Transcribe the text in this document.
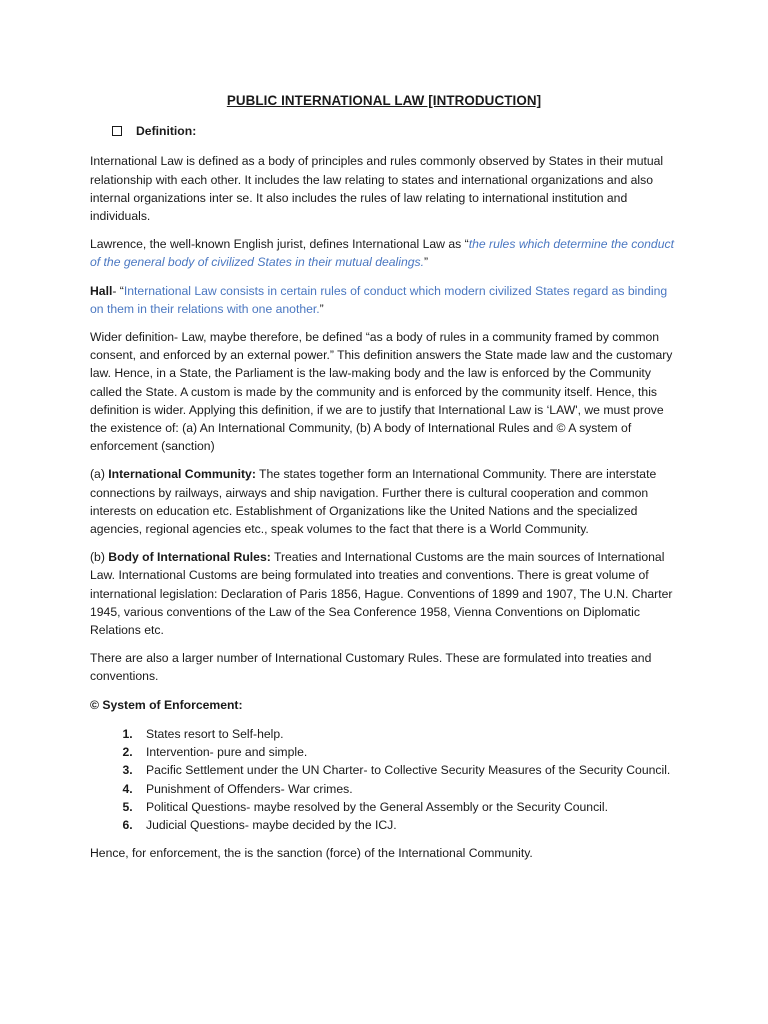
PUBLIC INTERNATIONAL LAW [INTRODUCTION]
Definition:

International Law is defined as a body of principles and rules commonly observed by States in their mutual relationship with each other. It includes the law relating to states and international organizations and also internal organizations inter se. It also includes the rules of law relating to international institution and individuals.

Lawrence, the well-known English jurist, defines International Law as “the rules which determine the conduct of the general body of civilized States in their mutual dealings.”

Hall- “International Law consists in certain rules of conduct which modern civilized States regard as binding on them in their relations with one another.”

Wider definition- Law, maybe therefore, be defined “as a body of rules in a community framed by common consent, and enforced by an external power.” This definition answers the State made law and the customary law. Hence, in a State, the Parliament is the law-making body and the law is enforced by the Community called the State. A custom is made by the community and is enforced by the community itself. Hence, this definition is wider. Applying this definition, if we are to justify that International Law is ‘LAW', we must prove the existence of: (a) An International Community, (b) A body of International Rules and © A system of enforcement (sanction)

(a) International Community: The states together form an International Community. There are interstate connections by railways, airways and ship navigation. Further there is cultural cooperation and common interests on education etc. Establishment of Organizations like the United Nations and the specialized agencies, regional agencies etc., speak volumes to the fact that there is a World Community.

(b) Body of International Rules: Treaties and International Customs are the main sources of International Law. International Customs are being formulated into treaties and conventions. There is great volume of international legislation: Declaration of Paris 1856, Hague. Conventions of 1899 and 1907, The U.N. Charter 1945, various conventions of the Law of the Sea Conference 1958, Vienna Conventions on Diplomatic Relations etc.

There are also a larger number of International Customary Rules. These are formulated into treaties and conventions.

© System of Enforcement:
1. States resort to Self-help.
2. Intervention- pure and simple.
3. Pacific Settlement under the UN Charter- to Collective Security Measures of the Security Council.
4. Punishment of Offenders- War crimes.
5. Political Questions- maybe resolved by the General Assembly or the Security Council.
6. Judicial Questions- maybe decided by the ICJ.

Hence, for enforcement, the is the sanction (force) of the International Community.
